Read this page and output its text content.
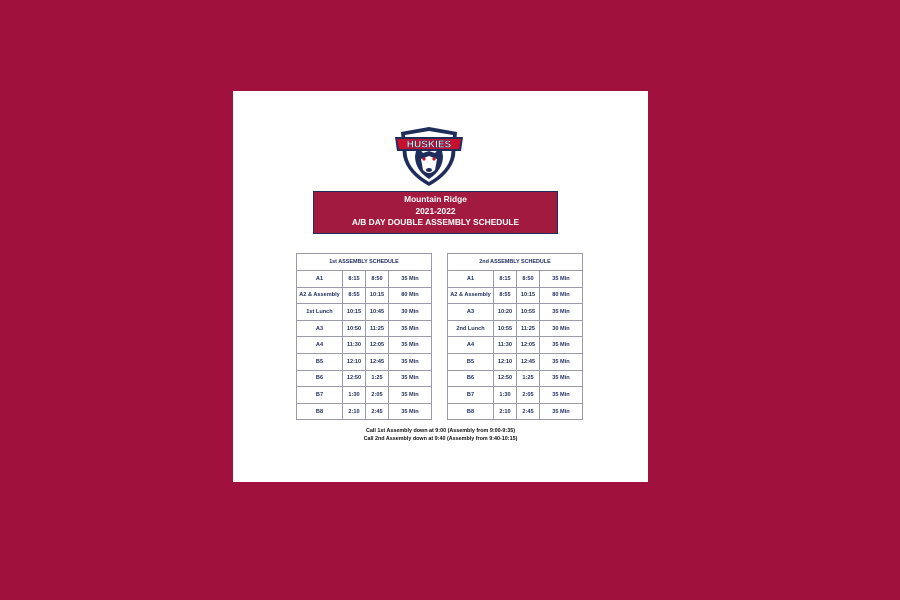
HUSKIES
Mountain Ridge
2021-2022
A/B DAY DOUBLE ASSEMBLY SCHEDULE
1st ASSEMBLY SCHEDULE			
A1	8:15	8:50	35 Min
A2 & Assembly	8:55	10:15	80 Min
1st Lunch	10:15	10:45	30 Min
A3	10:50	11:25	35 Min
A4	11:30	12:05	35 Min
B5	12:10	12:45	35 Min
B6	12:50	1:25	35 Min
B7	1:30	2:05	35 Min
B8	2:10	2:45	35 Min
2nd ASSEMBLY SCHEDULE			
A1	8:15	8:50	35 Min
A2 & Assembly	8:55	10:15	80 Min
A3	10:20	10:55	35 Min
2nd Lunch	10:55	11:25	30 Min
A4	11:30	12:05	35 Min
B5	12:10	12:45	35 Min
B6	12:50	1:25	35 Min
B7	1:30	2:05	35 Min
B8	2:10	2:45	35 Min
Call 1st Assembly down at 9:00 (Assembly from 9:00-9:35)
Call 2nd Assembly down at 9:40 (Assembly from 9:40-10:15)
